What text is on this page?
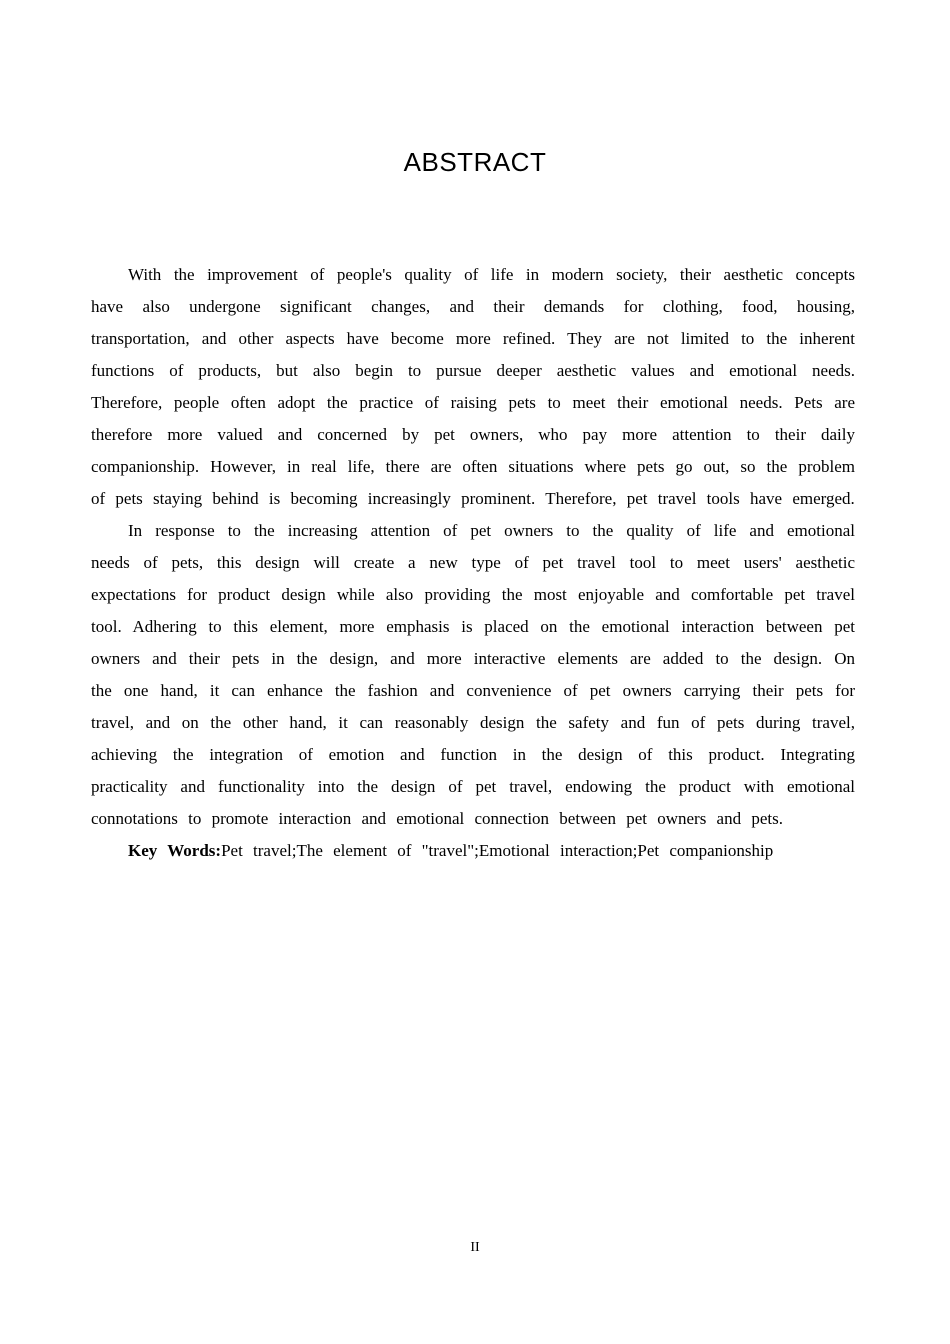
ABSTRACT

With the improvement of people's quality of life in modern society, their aesthetic concepts have also undergone significant changes, and their demands for clothing, food, housing, transportation, and other aspects have become more refined. They are not limited to the inherent functions of products, but also begin to pursue deeper aesthetic values and emotional needs. Therefore, people often adopt the practice of raising pets to meet their emotional needs. Pets are therefore more valued and concerned by pet owners, who pay more attention to their daily companionship. However, in real life, there are often situations where pets go out, so the problem of pets staying behind is becoming increasingly prominent. Therefore, pet travel tools have emerged.

In response to the increasing attention of pet owners to the quality of life and emotional needs of pets, this design will create a new type of pet travel tool to meet users' aesthetic expectations for product design while also providing the most enjoyable and comfortable pet travel tool. Adhering to this element, more emphasis is placed on the emotional interaction between pet owners and their pets in the design, and more interactive elements are added to the design. On the one hand, it can enhance the fashion and convenience of pet owners carrying their pets for travel, and on the other hand, it can reasonably design the safety and fun of pets during travel, achieving the integration of emotion and function in the design of this product. Integrating practicality and functionality into the design of pet travel, endowing the product with emotional connotations to promote interaction and emotional connection between pet owners and pets.

Key Words:Pet travel;The element of "travel";Emotional interaction;Pet companionship

II
